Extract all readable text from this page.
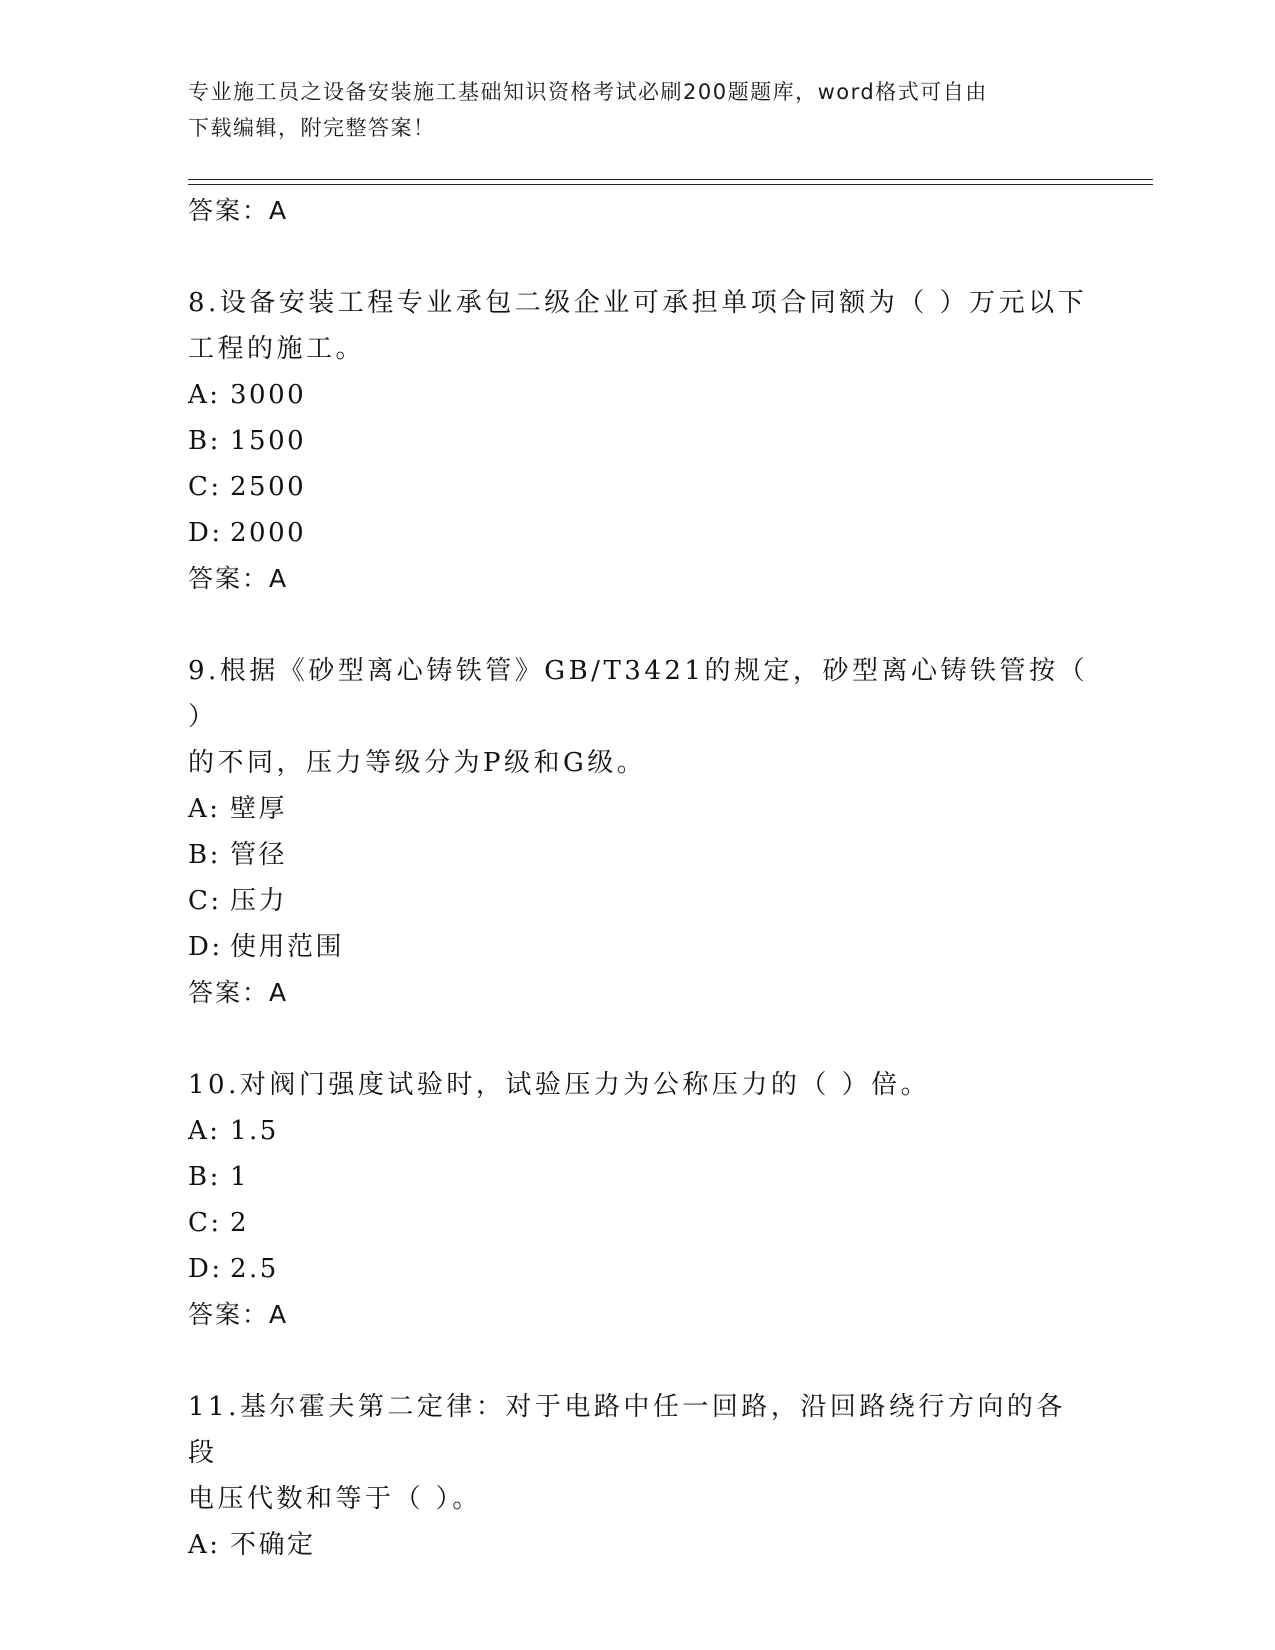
专业施工员之设备安装施工基础知识资格考试必刷200题题库，word格式可自由
下载编辑，附完整答案！
答案：A
8.设备安装工程专业承包二级企业可承担单项合同额为（ ）万元以下
工程的施工。
A: 3000
B: 1500
C: 2500
D: 2000
答案：A
9.根据《砂型离心铸铁管》GB/T3421的规定，砂型离心铸铁管按（ ）
的不同，压力等级分为P级和G级。
A: 壁厚
B: 管径
C: 压力
D: 使用范围
答案：A
10.对阀门强度试验时，试验压力为公称压力的（ ）倍。
A: 1.5
B: 1
C: 2
D: 2.5
答案：A
11.基尔霍夫第二定律：对于电路中任一回路，沿回路绕行方向的各段
电压代数和等于（ ）。
A: 不确定
